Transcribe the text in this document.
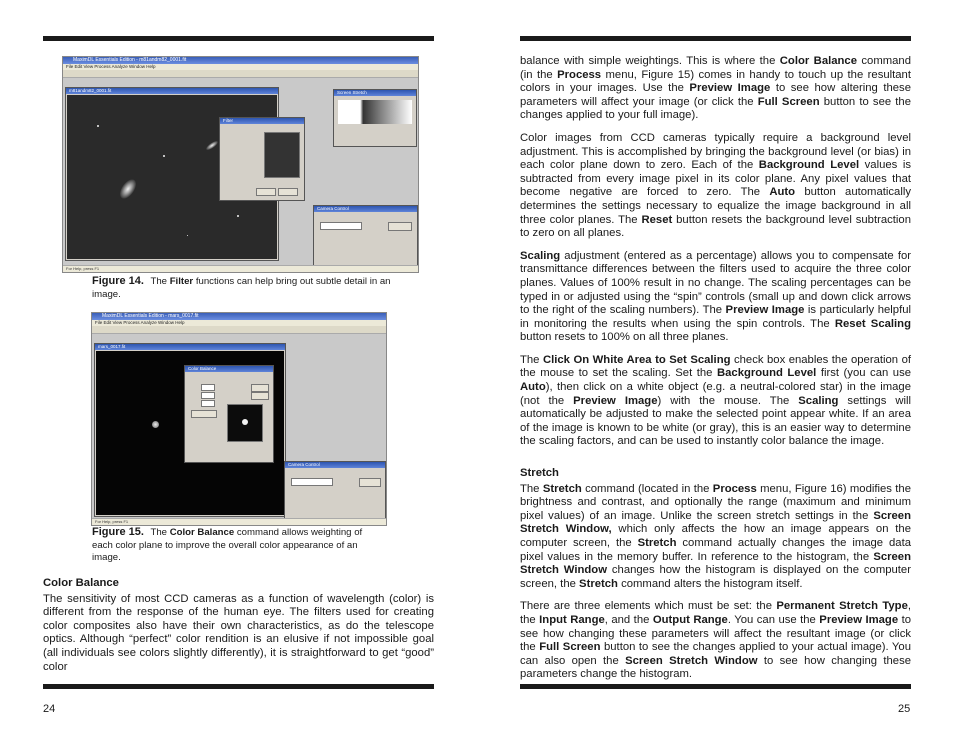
MaximDL Essentials Edition - m81andm82_0001.fit
File Edit View Process Analyze Window Help
m81andm82_0001.fit
Filter
Screen Stretch
Camera Control
For Help, press F1
Figure 14. The Filter functions can help bring out subtle detail in an image.
MaximDL Essentials Edition - mars_0017.fit
File Edit View Process Analyze Window Help
mars_0017.fit
Color Balance
Camera Control
For Help, press F1
Figure 15. The Color Balance command allows weighting of each color plane to improve the overall color appearance of an image.
Color Balance

The sensitivity of most CCD cameras as a function of wavelength (color) is different from the response of the human eye. The filters used for creating color composites also have their own characteristics, as do the telescope optics. Although “perfect” color rendition is an elusive if not impossible goal (all individuals see colors slightly differently), it is straightforward to get “good” color

24

balance with simple weightings. This is where the Color Balance command (in the Process menu, Figure 15) comes in handy to touch up the resultant colors in your images. Use the Preview Image to see how altering these parameters will affect your image (or click the Full Screen button to see the changes applied to your full image).

Color images from CCD cameras typically require a background level adjustment. This is accomplished by bringing the background level (or bias) in each color plane down to zero. Each of the Background Level values is subtracted from every image pixel in its color plane. Any pixel values that become negative are forced to zero. The Auto button automatically determines the settings necessary to equalize the image background in all three color planes. The Reset button resets the background level subtraction to zero on all planes.

Scaling adjustment (entered as a percentage) allows you to compensate for transmittance differences between the filters used to acquire the three color planes. Values of 100% result in no change. The scaling percentages can be typed in or adjusted using the “spin” controls (small up and down click arrows to the right of the scaling numbers). The Preview Image is particularly helpful in monitoring the results when using the spin controls. The Reset Scaling button resets to 100% on all three planes.

The Click On White Area to Set Scaling check box enables the operation of the mouse to set the scaling. Set the Background Level first (you can use Auto), then click on a white object (e.g. a neutral-colored star) in the image (not the Preview Image) with the mouse. The Scaling settings will automatically be adjusted to make the selected point appear white. If an area of the image is known to be white (or gray), this is an easier way to determine the scaling factors, and can be used to instantly color balance the image.

Stretch

The Stretch command (located in the Process menu, Figure 16) modifies the brightness and contrast, and optionally the range (maximum and minimum pixel values) of an image. Unlike the screen stretch settings in the Screen Stretch Window, which only affects the how an image appears on the computer screen, the Stretch command actually changes the image data pixel values in the memory buffer. In reference to the histogram, the Screen Stretch Window changes how the histogram is displayed on the computer screen, the Stretch command alters the histogram itself.

There are three elements which must be set: the Permanent Stretch Type, the Input Range, and the Output Range. You can use the Preview Image to see how changing these parameters will affect the resultant image (or click the Full Screen button to see the changes applied to your actual image). You can also open the Screen Stretch Window to see how changing these parameters change the histogram.

25
